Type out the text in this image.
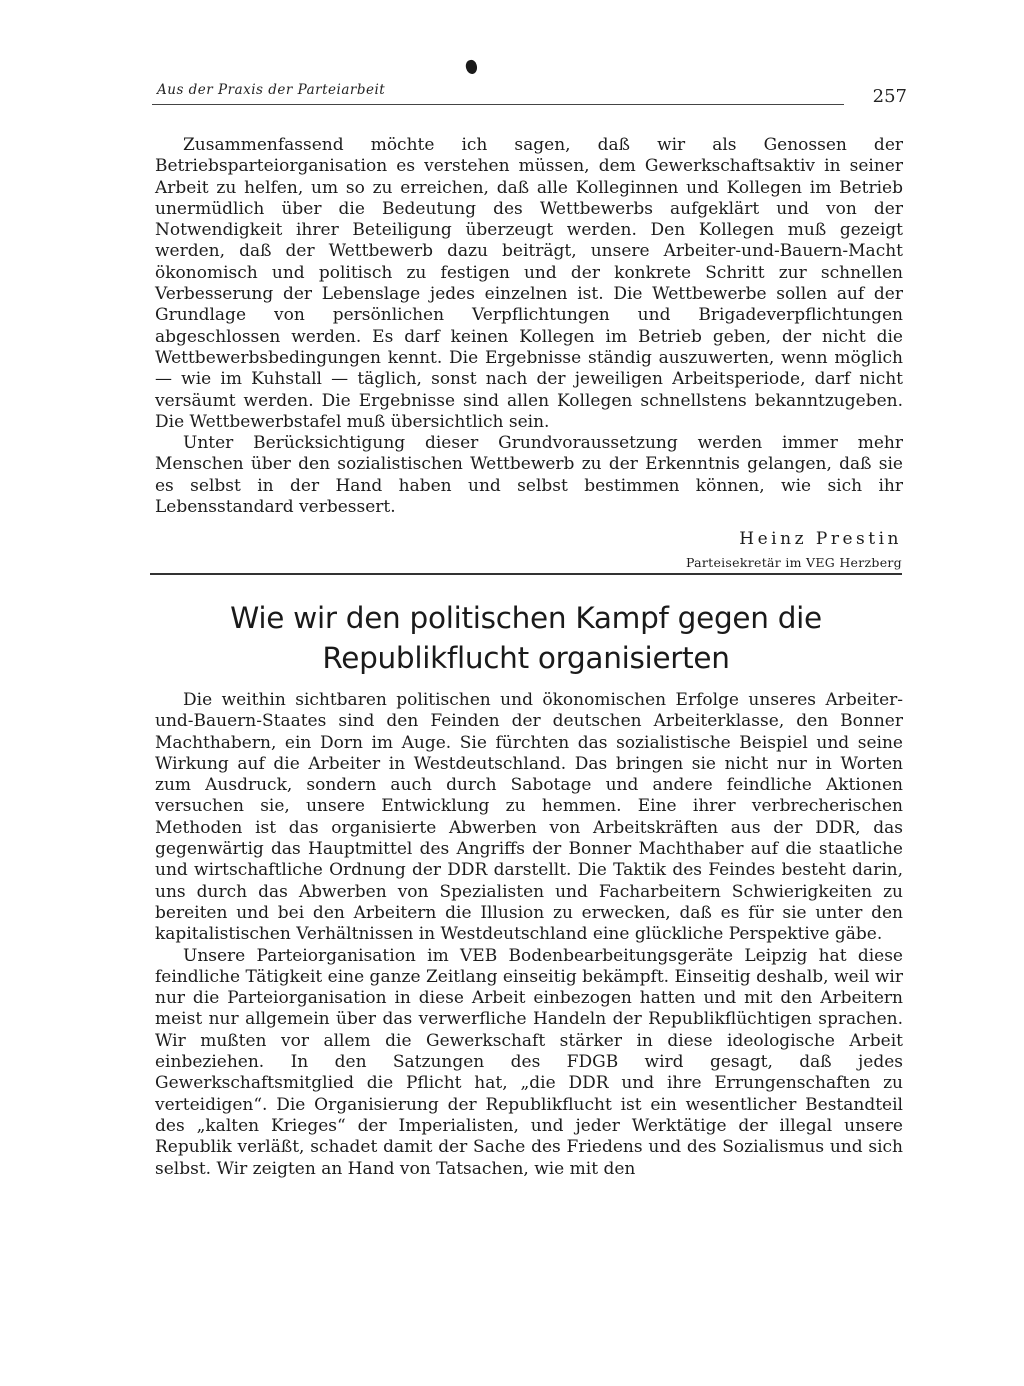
Aus der Praxis der Parteiarbeit	257

Zusammenfassend möchte ich sagen, daß wir als Genossen der Betriebsparteiorganisation es verstehen müssen, dem Gewerkschaftsaktiv in seiner Arbeit zu helfen, um so zu erreichen, daß alle Kolleginnen und Kollegen im Betrieb unermüdlich über die Bedeutung des Wettbewerbs aufgeklärt und von der Notwendigkeit ihrer Beteiligung überzeugt werden. Den Kollegen muß gezeigt werden, daß der Wettbewerb dazu beiträgt, unsere Arbeiter-und-Bauern-Macht ökonomisch und politisch zu festigen und der konkrete Schritt zur schnellen Verbesserung der Lebenslage jedes einzelnen ist. Die Wettbewerbe sollen auf der Grundlage von persönlichen Verpflichtungen und Brigadeverpflichtungen abgeschlossen werden. Es darf keinen Kollegen im Betrieb geben, der nicht die Wettbewerbsbedingungen kennt. Die Ergebnisse ständig auszuwerten, wenn möglich — wie im Kuhstall — täglich, sonst nach der jeweiligen Arbeitsperiode, darf nicht versäumt werden. Die Ergebnisse sind allen Kollegen schnellstens bekanntzugeben. Die Wettbewerbstafel muß übersichtlich sein.

Unter Berücksichtigung dieser Grundvoraussetzung werden immer mehr Menschen über den sozialistischen Wettbewerb zu der Erkenntnis gelangen, daß sie es selbst in der Hand haben und selbst bestimmen können, wie sich ihr Lebensstandard verbessert.

Heinz Prestin
Parteisekretär im VEG Herzberg
Wie wir den politischen Kampf gegen die Republikflucht organisierten

Die weithin sichtbaren politischen und ökonomischen Erfolge unseres Arbeiter-und-Bauern-Staates sind den Feinden der deutschen Arbeiterklasse, den Bonner Machthabern, ein Dorn im Auge. Sie fürchten das sozialistische Beispiel und seine Wirkung auf die Arbeiter in Westdeutschland. Das bringen sie nicht nur in Worten zum Ausdruck, sondern auch durch Sabotage und andere feindliche Aktionen versuchen sie, unsere Entwicklung zu hemmen. Eine ihrer verbrecherischen Methoden ist das organisierte Abwerben von Arbeitskräften aus der DDR, das gegenwärtig das Hauptmittel des Angriffs der Bonner Machthaber auf die staatliche und wirtschaftliche Ordnung der DDR darstellt. Die Taktik des Feindes besteht darin, uns durch das Abwerben von Spezialisten und Facharbeitern Schwierigkeiten zu bereiten und bei den Arbeitern die Illusion zu erwecken, daß es für sie unter den kapitalistischen Verhältnissen in Westdeutschland eine glückliche Perspektive gäbe.

Unsere Parteiorganisation im VEB Bodenbearbeitungsgeräte Leipzig hat diese feindliche Tätigkeit eine ganze Zeitlang einseitig bekämpft. Einseitig deshalb, weil wir nur die Parteiorganisation in diese Arbeit einbezogen hatten und mit den Arbeitern meist nur allgemein über das verwerfliche Handeln der Republikflüchtigen sprachen. Wir mußten vor allem die Gewerkschaft stärker in diese ideologische Arbeit einbeziehen. In den Satzungen des FDGB wird gesagt, daß jedes Gewerkschaftsmitglied die Pflicht hat, „die DDR und ihre Errungenschaften zu verteidigen“. Die Organisierung der Republikflucht ist ein wesentlicher Bestandteil des „kalten Krieges“ der Imperialisten, und jeder Werktätige der illegal unsere Republik verläßt, schadet damit der Sache des Friedens und des Sozialismus und sich selbst. Wir zeigten an Hand von Tatsachen, wie mit den
